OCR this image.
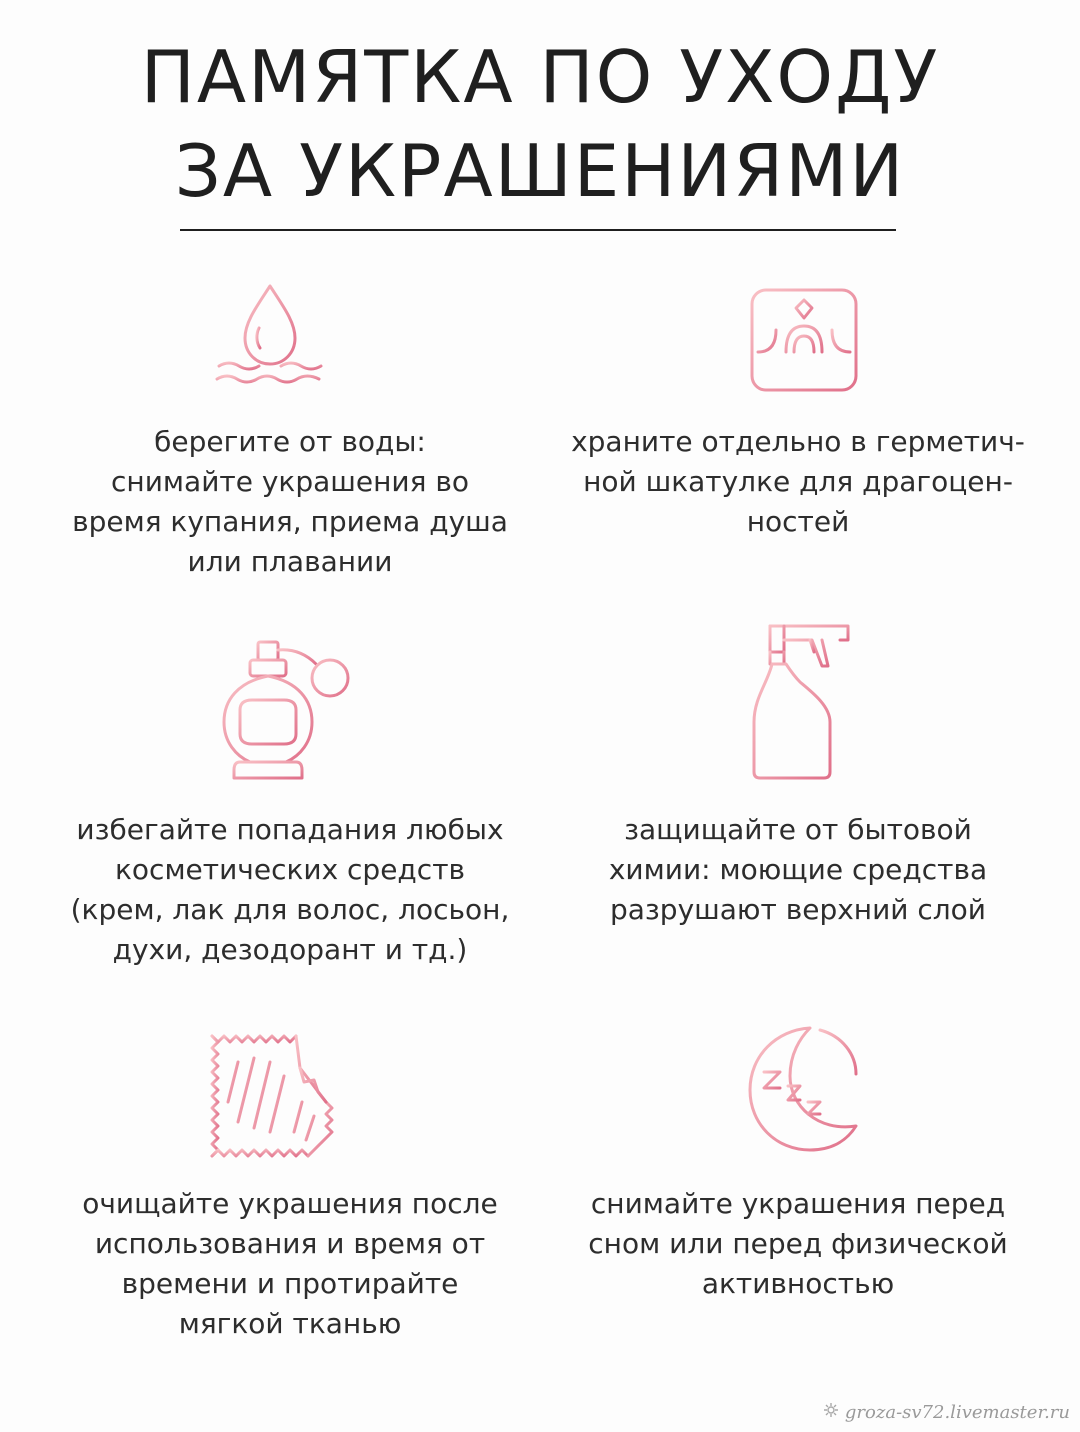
ПАМЯТКА ПО УХОДУ
ЗА УКРАШЕНИЯМИ
берегите от воды:
снимайте украшения во
время купания, приема душа
или плавании
храните отдельно в герметич-
ной шкатулке для драгоцен-
ностей
избегайте попадания любых
косметических средств
(крем, лак для волос, лосьон,
духи, дезодорант и тд.)
защищайте от бытовой
химии: моющие средства
разрушают верхний слой
очищайте украшения после
использования и время от
времени и протирайте
мягкой тканью
снимайте украшения перед
сном или перед физической
активностью
groza-sv72.livemaster.ru
